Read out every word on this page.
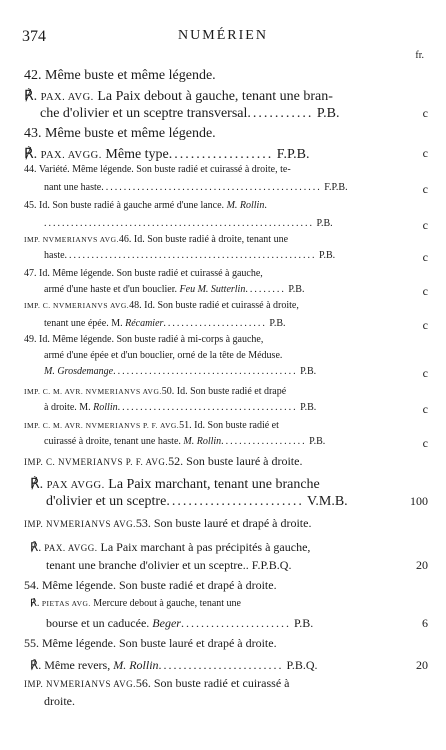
374	NUMÉRIEN
fr.
42. Même buste et même légende.
℟. PAX. AVG. La Paix debout à gauche, tenant une bran-
che d'olivier et un sceptre transversal............ P.B.	c
43. Même buste et même légende.
℟. PAX. AVGG. Même type................... F.P.B.	c
44. Variété. Même légende. Son buste radié et cuirassé à droite, te-
nant une haste................................................. F.P.B.	c
45. Id. Son buste radié à gauche armé d'une lance. M. Rollin.
............................................................ P.B.	c
IMP. NVMERIANVS AVG.46. Id. Son buste radié à droite, tenant une
haste........................................................ P.B.	c
47. Id. Même légende. Son buste radié et cuirassé à gauche,
armé d'une haste et d'un bouclier. Feu M. Sutterlin......... P.B.	c
IMP. C. NVMERIANVS AVG.48. Id. Son buste radié et cuirassé à droite,
tenant une épée. M. Récamier....................... P.B.	c
49. Id. Même légende. Son buste radié à mi-corps à gauche,
armé d'une épée et d'un bouclier, orné de la tête de Méduse.
M. Grosdemange......................................... P.B.	c
IMP. C. M. AVR. NVMERIANVS AVG.50. Id. Son buste radié et drapé
à droite. M. Rollin........................................ P.B.	c
IMP. C. M. AVR. NVMERIANVS P. F. AVG.51. Id. Son buste radié et
cuirassé à droite, tenant une haste. M. Rollin................... P.B.	c
IMP. C. NVMERIANVS P. F. AVG.52. Son buste lauré à droite.
℟. PAX AVGG. La Paix marchant, tenant une branche
d'olivier et un sceptre......................... V.M.B.	100
IMP. NVMERIANVS AVG.53. Son buste lauré et drapé à droite.
℟. PAX. AVGG. La Paix marchant à pas précipités à gauche,
tenant une branche d'olivier et un sceptre.. F.P.B.Q.	20
54. Même légende. Son buste radié et drapé à droite.
℟. PIETAS AVG. Mercure debout à gauche, tenant une
bourse et un caducée. Beger...................... P.B.	6
55. Même légende. Son buste lauré et drapé à droite.
℟. Même revers, M. Rollin......................... P.B.Q.	20
IMP. NVMERIANVS AVG.56. Son buste radié et cuirassé à
droite.
